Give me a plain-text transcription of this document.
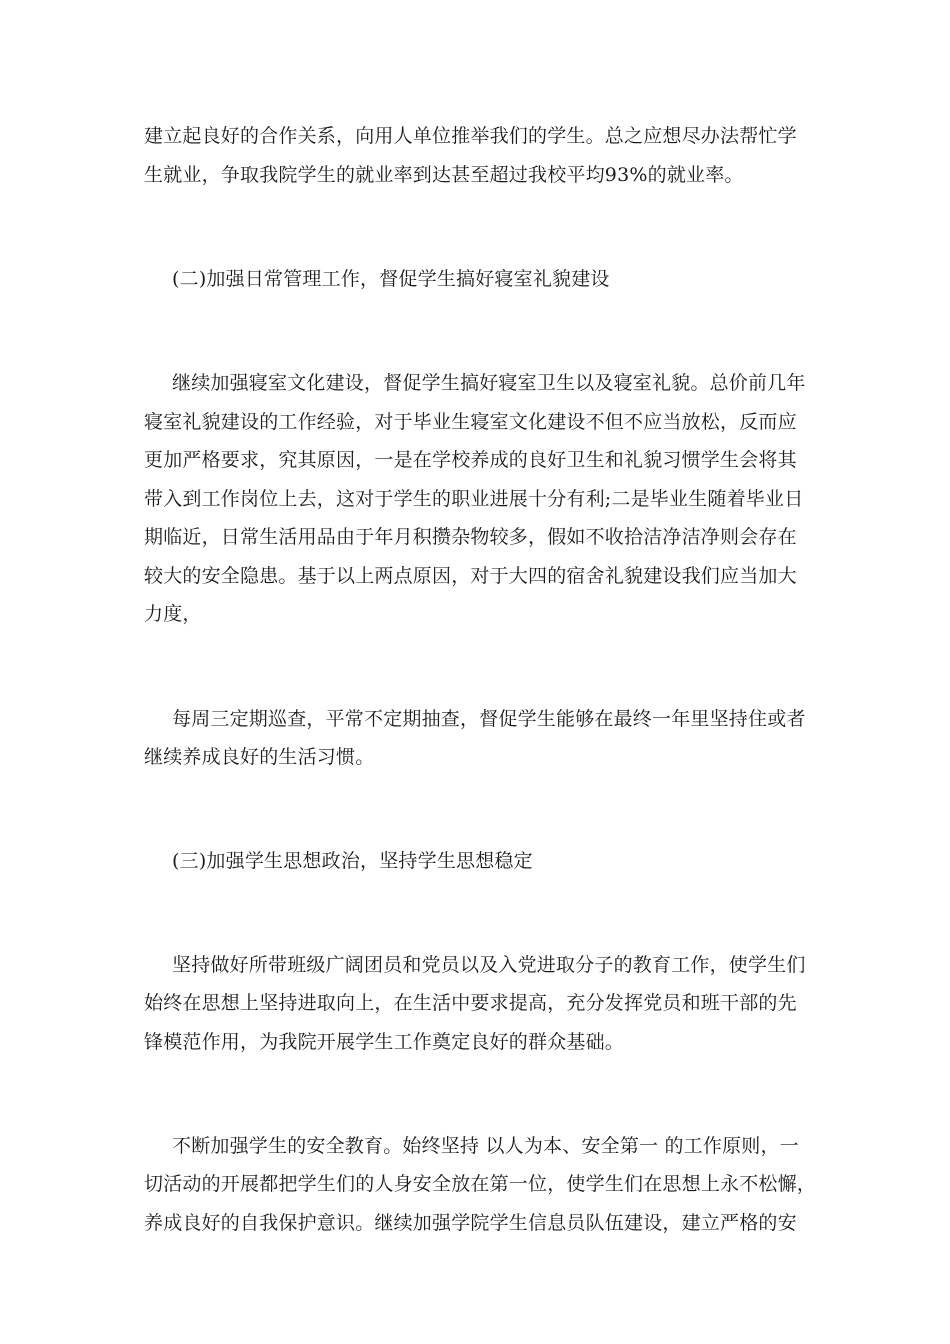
建立起良好的合作关系，向用人单位推举我们的学生。总之应想尽办法帮忙学
生就业，争取我院学生的就业率到达甚至超过我校平均93%的就业率。
(二)加强日常管理工作，督促学生搞好寝室礼貌建设
继续加强寝室文化建设，督促学生搞好寝室卫生以及寝室礼貌。总价前几年
寝室礼貌建设的工作经验，对于毕业生寝室文化建设不但不应当放松，反而应
更加严格要求，究其原因，一是在学校养成的良好卫生和礼貌习惯学生会将其
带入到工作岗位上去，这对于学生的职业进展十分有利;二是毕业生随着毕业日
期临近，日常生活用品由于年月积攒杂物较多，假如不收拾洁净洁净则会存在
较大的安全隐患。基于以上两点原因，对于大四的宿舍礼貌建设我们应当加大
力度，
每周三定期巡查，平常不定期抽查，督促学生能够在最终一年里坚持住或者
继续养成良好的生活习惯。
(三)加强学生思想政治，坚持学生思想稳定
坚持做好所带班级广阔团员和党员以及入党进取分子的教育工作，使学生们
始终在思想上坚持进取向上，在生活中要求提高，充分发挥党员和班干部的先
锋模范作用，为我院开展学生工作奠定良好的群众基础。
不断加强学生的安全教育。始终坚持 以人为本、安全第一 的工作原则，一
切活动的开展都把学生们的人身安全放在第一位，使学生们在思想上永不松懈，
养成良好的自我保护意识。继续加强学院学生信息员队伍建设，建立严格的安
